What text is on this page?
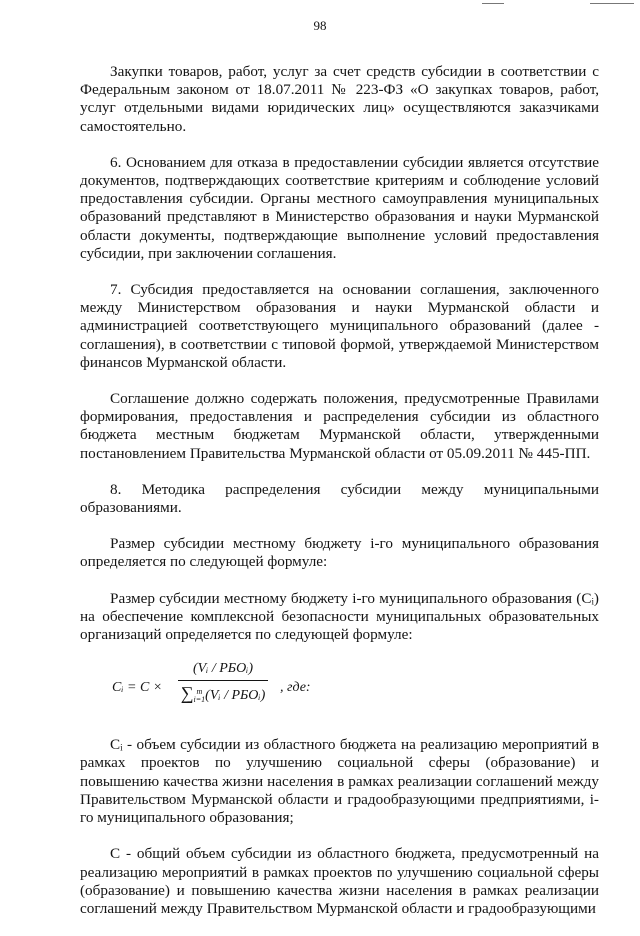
98

Закупки товаров, работ, услуг за счет средств субсидии в соответствии с Федеральным законом от 18.07.2011 № 223-ФЗ «О закупках товаров, работ, услуг отдельными видами юридических лиц» осуществляются заказчиками самостоятельно.

6. Основанием для отказа в предоставлении субсидии является отсутствие документов, подтверждающих соответствие критериям и соблюдение условий предоставления субсидии. Органы местного самоуправления муниципальных образований представляют в Министерство образования и науки Мурманской области документы, подтверждающие выполнение условий предоставления субсидии, при заключении соглашения.

7. Субсидия предоставляется на основании соглашения, заключенного между Министерством образования и науки Мурманской области и администрацией соответствующего муниципального образований (далее - соглашения), в соответствии с типовой формой, утверждаемой Министерством финансов Мурманской области.

Соглашение должно содержать положения, предусмотренные Правилами формирования, предоставления и распределения субсидии из областного бюджета местным бюджетам Мурманской области, утвержденными постановлением Правительства Мурманской области от 05.09.2011 № 445-ПП.

8. Методика распределения субсидии между муниципальными образованиями.

Размер субсидии местному бюджету i-го муниципального образования определяется по следующей формуле:

Размер субсидии местному бюджету i-го муниципального образования (Cᵢ) на обеспечение комплексной безопасности муниципальных образовательных организаций определяется по следующей формуле:

Cᵢ = C ×
(Vᵢ / РБОᵢ)
∑ m
i=1(Vᵢ / РБОᵢ)
, где:

Cᵢ - объем субсидии из областного бюджета на реализацию мероприятий в рамках проектов по улучшению социальной сферы (образование) и повышению качества жизни населения в рамках реализации соглашений между Правительством Мурманской области и градообразующими предприятиями, i-го муниципального образования;

С - общий объем субсидии из областного бюджета, предусмотренный на реализацию мероприятий в рамках проектов по улучшению социальной сферы (образование) и повышению качества жизни населения в рамках реализации соглашений между Правительством Мурманской области и градообразующими
